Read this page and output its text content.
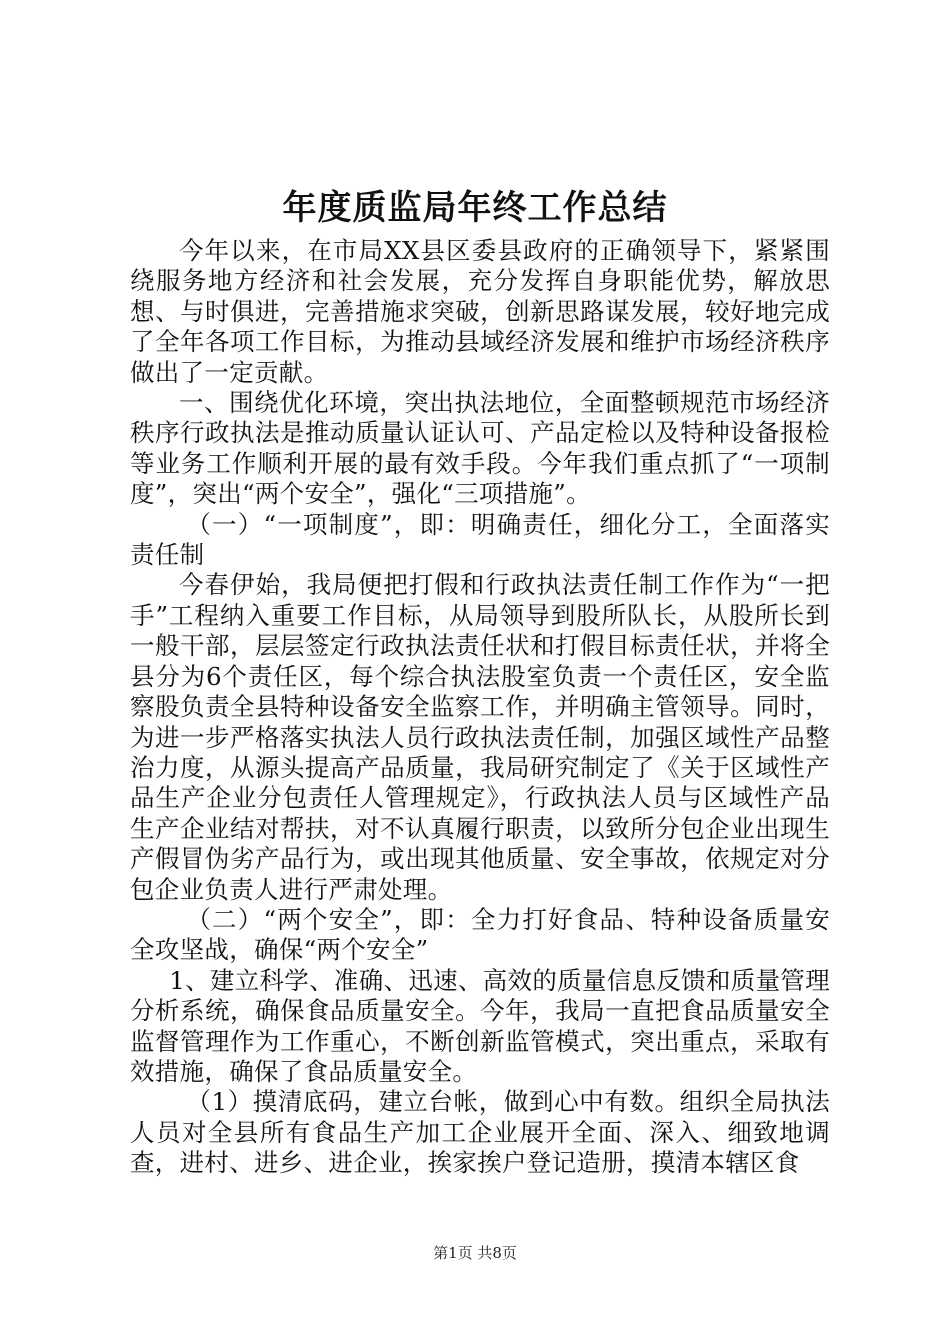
年度质监局年终工作总结

今年以来，在市局XX县区委县政府的正确领导下，紧紧围绕服务地方经济和社会发展，充分发挥自身职能优势，解放思想、与时俱进，完善措施求突破，创新思路谋发展，较好地完成了全年各项工作目标，为推动县域经济发展和维护市场经济秩序做出了一定贡献。

一、围绕优化环境，突出执法地位，全面整顿规范市场经济秩序行政执法是推动质量认证认可、产品定检以及特种设备报检等业务工作顺利开展的最有效手段。今年我们重点抓了“一项制度”，突出“两个安全”，强化“三项措施”。

（一）“一项制度”，即：明确责任，细化分工，全面落实责任制

今春伊始，我局便把打假和行政执法责任制工作作为“一把手”工程纳入重要工作目标，从局领导到股所队长，从股所长到一般干部，层层签定行政执法责任状和打假目标责任状，并将全县分为6个责任区，每个综合执法股室负责一个责任区，安全监察股负责全县特种设备安全监察工作，并明确主管领导。同时，为进一步严格落实执法人员行政执法责任制，加强区域性产品整治力度，从源头提高产品质量，我局研究制定了《关于区域性产品生产企业分包责任人管理规定》，行政执法人员与区域性产品生产企业结对帮扶，对不认真履行职责，以致所分包企业出现生产假冒伪劣产品行为，或出现其他质量、安全事故，依规定对分包企业负责人进行严肃处理。

（二）“两个安全”，即：全力打好食品、特种设备质量安全攻坚战，确保“两个安全”

1、建立科学、准确、迅速、高效的质量信息反馈和质量管理分析系统，确保食品质量安全。今年，我局一直把食品质量安全监督管理作为工作重心，不断创新监管模式，突出重点，采取有效措施，确保了食品质量安全。

（1）摸清底码，建立台帐，做到心中有数。组织全局执法人员对全县所有食品生产加工企业展开全面、深入、细致地调查，进村、进乡、进企业，挨家挨户登记造册，摸清本辖区食

第1页 共8页
